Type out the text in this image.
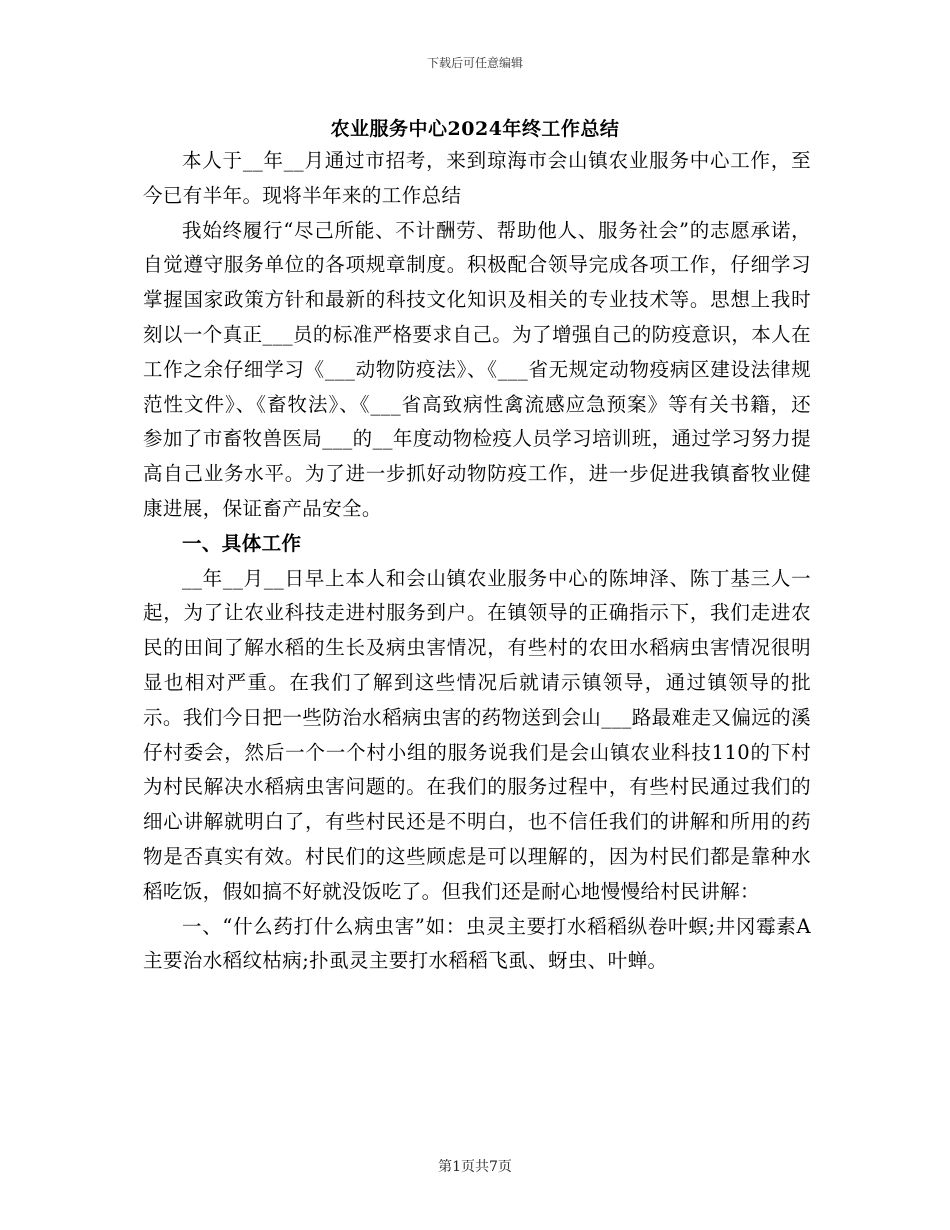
下载后可任意编辑
农业服务中心2024年终工作总结

本人于__年__月通过市招考，来到琼海市会山镇农业服务中心工作，至今已有半年。现将半年来的工作总结

我始终履行“尽己所能、不计酬劳、帮助他人、服务社会”的志愿承诺，自觉遵守服务单位的各项规章制度。积极配合领导完成各项工作，仔细学习掌握国家政策方针和最新的科技文化知识及相关的专业技术等。思想上我时刻以一个真正___员的标准严格要求自己。为了增强自己的防疫意识，本人在工作之余仔细学习《___动物防疫法》、《___省无规定动物疫病区建设法律规范性文件》、《畜牧法》、《___省高致病性禽流感应急预案》等有关书籍，还参加了市畜牧兽医局___的__年度动物检疫人员学习培训班，通过学习努力提高自己业务水平。为了进一步抓好动物防疫工作，进一步促进我镇畜牧业健康进展，保证畜产品安全。

一、具体工作

__年__月__日早上本人和会山镇农业服务中心的陈坤泽、陈丁基三人一起，为了让农业科技走进村服务到户。在镇领导的正确指示下，我们走进农民的田间了解水稻的生长及病虫害情况，有些村的农田水稻病虫害情况很明显也相对严重。在我们了解到这些情况后就请示镇领导，通过镇领导的批示。我们今日把一些防治水稻病虫害的药物送到会山___路最难走又偏远的溪仔村委会，然后一个一个村小组的服务说我们是会山镇农业科技110的下村为村民解决水稻病虫害问题的。在我们的服务过程中，有些村民通过我们的细心讲解就明白了，有些村民还是不明白，也不信任我们的讲解和所用的药物是否真实有效。村民们的这些顾虑是可以理解的，因为村民们都是靠种水稻吃饭，假如搞不好就没饭吃了。但我们还是耐心地慢慢给村民讲解：

一、“什么药打什么病虫害”如：虫灵主要打水稻稻纵卷叶螟;井冈霉素A主要治水稻纹枯病;扑虱灵主要打水稻稻飞虱、蚜虫、叶蝉。

第1页共7页
